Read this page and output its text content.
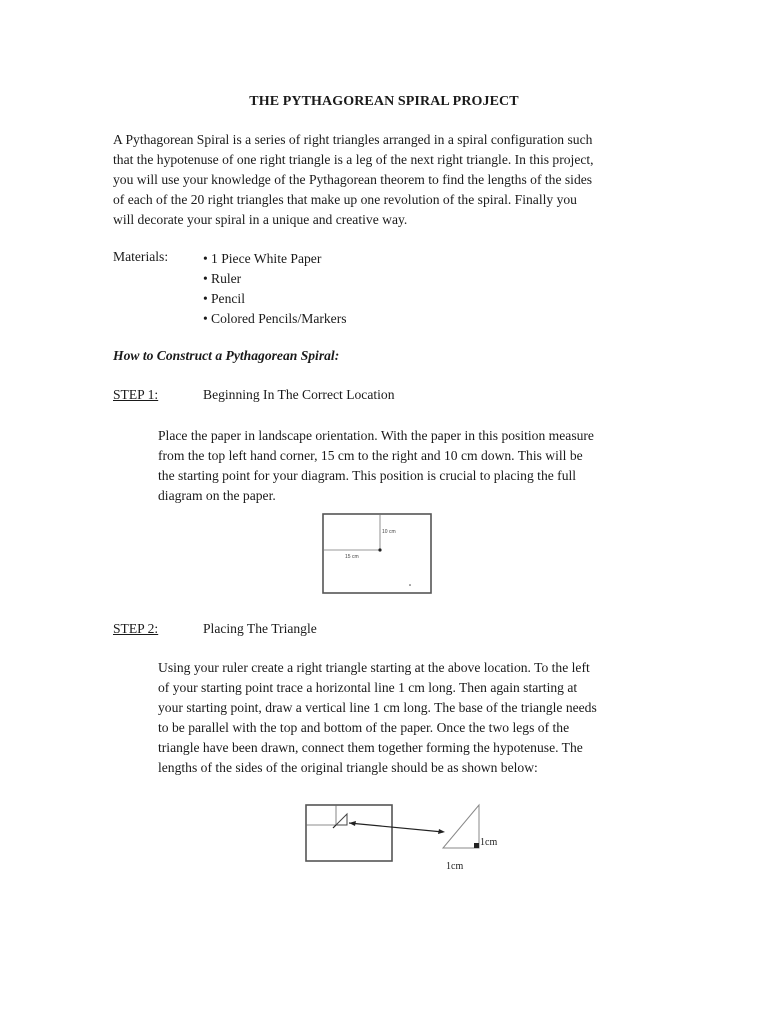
THE PYTHAGOREAN SPIRAL PROJECT
A Pythagorean Spiral is a series of right triangles arranged in a spiral configuration such
that the hypotenuse of one right triangle is a leg of the next right triangle. In this project,
you will use your knowledge of the Pythagorean theorem to find the lengths of the sides
of each of the 20 right triangles that make up one revolution of the spiral. Finally you
will decorate your spiral in a unique and creative way.
Materials:
•	1 Piece White Paper
• Ruler
• Pencil
• Colored Pencils/Markers
How to Construct a Pythagorean Spiral:
STEP 1:	Beginning In The Correct Location
Place the paper in landscape orientation. With the paper in this position measure
from the top left hand corner, 15 cm to the right and 10 cm down. This will be
the starting point for your diagram. This position is crucial to placing the full
diagram on the paper.
10 cm
15 cm
STEP 2:	Placing The Triangle
Using your ruler create a right triangle starting at the above location. To the left
of your starting point trace a horizontal line 1 cm long. Then again starting at
your starting point, draw a vertical line 1 cm long. The base of the triangle needs
to be parallel with the top and bottom of the paper. Once the two legs of the
triangle have been drawn, connect them together forming the hypotenuse. The
lengths of the sides of the original triangle should be as shown below:
1cm
1cm
